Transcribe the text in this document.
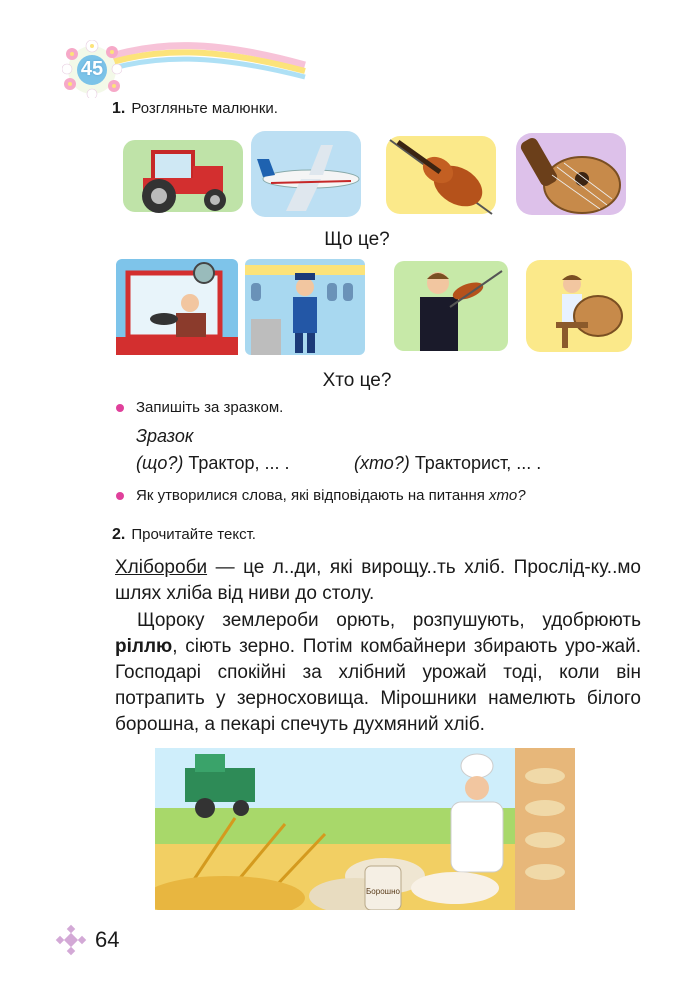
45
1. Розгляньте малюнки.
Що це?
Хто це?
Запишіть за зразком.
Зразок
(що?) Трактор, ... .	(хто?) Тракторист, ... .
Як утворилися слова, які відповідають на питання хто?
2. Прочитайте текст.
Хлібороби — це л..ди, які вирощу..ть хліб. Прослід-ку..мо шлях хліба від ниви до столу.
Щороку землероби орють, розпушують, удобрюють ріллю, сіють зерно. Потім комбайнери збирають уро-жай. Господарі спокійні за хлібний урожай тоді, коли він потрапить у зерносховища. Мірошники намелють білого борошна, а пекарі спечуть духмяний хліб.
Борошно
64
